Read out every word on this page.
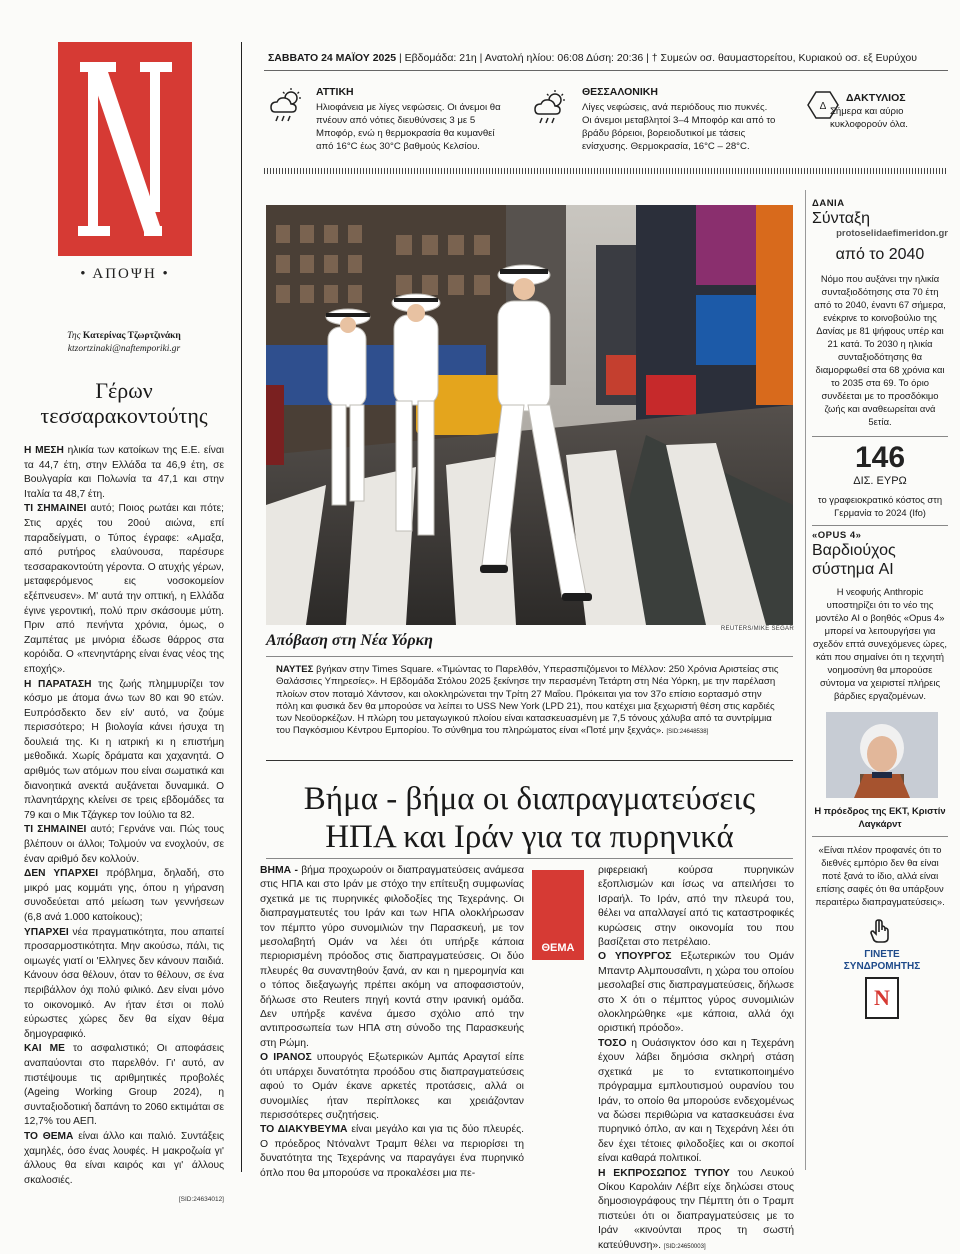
• ΑΠΟΨΗ •
Της Κατερίνας Τζωρτζινάκη
ktzortzinaki@naftemporiki.gr
Γέρων τεσσαρακοντούτης

Η ΜΕΣΗ ηλικία των κατοίκων της Ε.Ε. είναι τα 44,7 έτη, στην Ελλάδα τα 46,9 έτη, σε Βουλγαρία και Πολωνία τα 47,1 και στην Ιταλία τα 48,7 έτη.

ΤΙ ΣΗΜΑΙΝΕΙ αυτό; Ποιος ρωτάει και πότε; Στις αρχές του 20ού αιώνα, επί παραδείγματι, ο Τύπος έγραφε: «Αμαξα, από ρυτήρος ελαύνουσα, παρέσυρε τεσσαρακοντούτη γέροντα. Ο ατυχής γέρων, μεταφερόμενος εις νοσοκομείον εξέπνευσεν». Μ' αυτά την οπτική, η Ελλάδα έγινε γεροντική, πολύ πριν σκάσουμε μύτη. Πριν από πενήντα χρόνια, όμως, ο Ζαμπέτας με μινόρια έδωσε θάρρος στα κορόιδα. Ο «πενηντάρης είναι ένας νέος της εποχής».

Η ΠΑΡΑΤΑΣΗ της ζωής πλημμυρίζει τον κόσμο με άτομα άνω των 80 και 90 ετών. Ευπρόσδεκτο δεν είν' αυτό, να ζούμε περισσότερο; Η βιολογία κάνει ήσυχα τη δουλειά της. Κι η ιατρική κι η επιστήμη μεθοδικά. Χωρίς δράματα και χαχανητά. Ο αριθμός των ατόμων που είναι σωματικά και διανοητικά ανεκτά αυξάνεται δυναμικά. Ο πλανητάρχης κλείνει σε τρεις εβδομάδες τα 79 και ο Μικ Τζάγκερ τον Ιούλιο τα 82.

ΤΙ ΣΗΜΑΙΝΕΙ αυτό; Γερνάνε ναι. Πώς τους βλέπουν οι άλλοι; Τολμούν να ενοχλούν, σε έναν αριθμό δεν κολλούν.

ΔΕΝ ΥΠΑΡΧΕΙ πρόβλημα, δηλαδή, στο μικρό μας κομμάτι γης, όπου η γήρανση συνοδεύεται από μείωση των γεννήσεων (6,8 ανά 1.000 κατοίκους);

ΥΠΑΡΧΕΙ νέα πραγματικότητα, που απαιτεί προσαρμοστικότητα. Μην ακούσω, πάλι, τις οιμωγές γιατί οι 'Ελληνες δεν κάνουν παιδιά. Κάνουν όσα θέλουν, όταν το θέλουν, σε ένα περιβάλλον όχι πολύ φιλικό. Δεν είναι μόνο το οικονομικό. Αν ήταν έτσι οι πολύ εύρωστες χώρες δεν θα είχαν θέμα δημογραφικό.

ΚΑΙ ΜΕ το ασφαλιστικό; Οι αποφάσεις αναπαύονται στο παρελθόν. Γι' αυτό, αν πιστέψουμε τις αριθμητικές προβολές (Ageing Working Group 2024), η συνταξιοδοτική δαπάνη το 2060 εκτιμάται σε 12,7% του ΑΕΠ.

ΤΟ ΘΕΜΑ είναι άλλο και παλιό. Συντάξεις χαμηλές, όσο ένας λουφές. Η μακροζωία γι' άλλους θα είναι καιρός και γι' άλλους σκαλοσιές.

[SID:24634012]
ΣΑΒΒΑΤΟ 24 ΜΑΪΟΥ 2025 | Εβδομάδα: 21η | Ανατολή ηλίου: 06:08 Δύση: 20:36 | † Συμεών οσ. θαυμαστορείτου, Κυριακού οσ. εξ Ευρύχου
ΑΤΤΙΚΗ
Ηλιοφάνεια με λίγες νεφώσεις. Οι άνεμοι θα πνέουν από νότιες διευθύνσεις 3 με 5 Μποφόρ, ενώ η θερμοκρασία θα κυμανθεί από 16°C έως 30°C βαθμούς Κελσίου.
ΘΕΣΣΑΛΟΝΙΚΗ
Λίγες νεφώσεις, ανά περιόδους πιο πυκνές. Οι άνεμοι μεταβλητοί 3–4 Μποφόρ και από το βράδυ βόρειοι, βορειοδυτικοί με τάσεις ενίσχυσης. Θερμοκρασία, 16°C – 28°C.
Δ
ΔΑΚΤΥΛΙΟΣ
Σήμερα και αύριο κυκλοφορούν όλα.
REUTERS/MIKE SEGAR
Απόβαση στη Νέα Υόρκη
ΝΑΥΤΕΣ βγήκαν στην Times Square. «Τιμώντας το Παρελθόν, Υπερασπιζόμενοι το Μέλλον: 250 Χρόνια Αριστείας στις Θαλάσσιες Υπηρεσίες». Η Εβδομάδα Στόλου 2025 ξεκίνησε την περασμένη Τετάρτη στη Νέα Υόρκη, με την παρέλαση πλοίων στον ποταμό Χάντσον, και ολοκληρώνεται την Τρίτη 27 Μαΐου. Πρόκειται για τον 37ο επίσιο εορτασμό στην πόλη και φυσικά δεν θα μπορούσε να λείπει το USS New York (LPD 21), που κατέχει μια ξεχωριστή θέση στις καρδιές των Νεοϋορκέζων. Η πλώρη του μεταγωγικού πλοίου είναι κατασκευασμένη με 7,5 τόνους χάλυβα από τα συντρίμμια του Παγκόσμιου Κέντρου Εμπορίου. Το σύνθημα του πληρώματος είναι «Ποτέ μην ξεχνάς». [SID:24648538]
Βήμα - βήμα οι διαπραγματεύσεις
ΗΠΑ και Ιράν για τα πυρηνικά

ΒΗΜΑ - βήμα προχωρούν οι διαπραγματεύσεις ανάμεσα στις ΗΠΑ και στο Ιράν με στόχο την επίτευξη συμφωνίας σχετικά με τις πυρηνικές φιλοδοξίες της Τεχεράνης. Οι διαπραγματευτές του Ιράν και των ΗΠΑ ολοκλήρωσαν τον πέμπτο γύρο συνομιλιών την Παρασκευή, με τον μεσολαβητή Ομάν να λέει ότι υπήρξε κάποια περιορισμένη πρόοδος στις διαπραγματεύσεις. Οι δύο πλευρές θα συναντηθούν ξανά, αν και η ημερομηνία και ο τόπος διεξαγωγής πρέπει ακόμη να αποφασιστούν, δήλωσε στο Reuters πηγή κοντά στην ιρανική ομάδα. Δεν υπήρξε κανένα άμεσο σχόλιο από την αντιπροσωπεία των ΗΠΑ στη σύνοδο της Παρασκευής στη Ρώμη.

Ο ΙΡΑΝΟΣ υπουργός Εξωτερικών Αμπάς Αραγτσί είπε ότι υπάρχει δυνατότητα προόδου στις διαπραγματεύσεις αφού το Ομάν έκανε αρκετές προτάσεις, αλλά οι συνομιλίες ήταν περίπλοκες και χρειάζονταν περισσότερες συζητήσεις.

ΤΟ ΔΙΑΚΥΒΕΥΜΑ είναι μεγάλο και για τις δύο πλευρές. Ο πρόεδρος Ντόναλντ Τραμπ θέλει να περιορίσει τη δυνατότητα της Τεχεράνης να παραγάγει ένα πυρηνικό όπλο που θα μπορούσε να προκαλέσει μια πε-

ΘΕΜΑ

ριφερειακή κούρσα πυρηνικών εξοπλισμών και ίσως να απειλήσει το Ισραήλ. Το Ιράν, από την πλευρά του, θέλει να απαλλαγεί από τις καταστροφικές κυρώσεις στην οικονομία του που βασίζεται στο πετρέλαιο.

Ο ΥΠΟΥΡΓΟΣ Εξωτερικών του Ομάν Μπαντρ Αλμπουσαΐντι, η χώρα του οποίου μεσολαβεί στις διαπραγματεύσεις, δήλωσε στο Χ ότι ο πέμπτος γύρος συνομιλιών ολοκληρώθηκε «με κάποια, αλλά όχι οριστική πρόοδο».

ΤΟΣΟ η Ουάσιγκτον όσο και η Τεχεράνη έχουν λάβει δημόσια σκληρή στάση σχετικά με το εντατικοποιημένο πρόγραμμα εμπλουτισμού ουρανίου του Ιράν, το οποίο θα μπορούσε ενδεχομένως να δώσει περιθώρια να κατασκευάσει ένα πυρηνικό όπλο, αν και η Τεχεράνη λέει ότι δεν έχει τέτοιες φιλοδοξίες και οι σκοποί είναι καθαρά πολιτικοί.

Η ΕΚΠΡΟΣΩΠΟΣ ΤΥΠΟΥ του Λευκού Οίκου Καρολάιν Λέβιτ είχε δηλώσει στους δημοσιογράφους την Πέμπτη ότι ο Τραμπ πιστεύει ότι οι διαπραγματεύσεις με το Ιράν «κινούνται προς τη σωστή κατεύθυνση». [SID:24650003]

ΔΑΝΙΑ
Σύνταξη
protoselidaefimeridon.gr
από το 2040
Νόμο που αυξάνει την ηλικία συνταξιοδότησης στα 70 έτη από το 2040, έναντι 67 σήμερα, ενέκρινε το κοινοβούλιο της Δανίας με 81 ψήφους υπέρ και 21 κατά. Το 2030 η ηλικία συνταξιοδότησης θα διαμορφωθεί στα 68 χρόνια και το 2035 στα 69. Το όριο συνδέεται με το προσδόκιμο ζωής και αναθεωρείται ανά 5ετία.
146
ΔΙΣ. ΕΥΡΩ
το γραφειοκρατικό κόστος στη Γερμανία το 2024 (Ifo)
«OPUS 4»
Βαρδιούχος σύστημα AI
Η νεοφυής Anthropic υποστηρίζει ότι το νέο της μοντέλο AI ο βοηθός «Opus 4» μπορεί να λειτουργήσει για σχεδόν επτά συνεχόμενες ώρες, κάτι που σημαίνει ότι η τεχνητή νοημοσύνη θα μπορούσε σύντομα να χειριστεί πλήρεις βάρδιες εργαζομένων.
Η πρόεδρος της ΕΚΤ, Κριστίν Λαγκάρντ
«Είναι πλέον προφανές ότι το διεθνές εμπόριο δεν θα είναι ποτέ ξανά το ίδιο, αλλά είναι επίσης σαφές ότι θα υπάρξουν περαιτέρω διαπραγματεύσεις».
ΓΙΝΕΤΕ ΣΥΝΔΡΟΜΗΤΗΣ
N
